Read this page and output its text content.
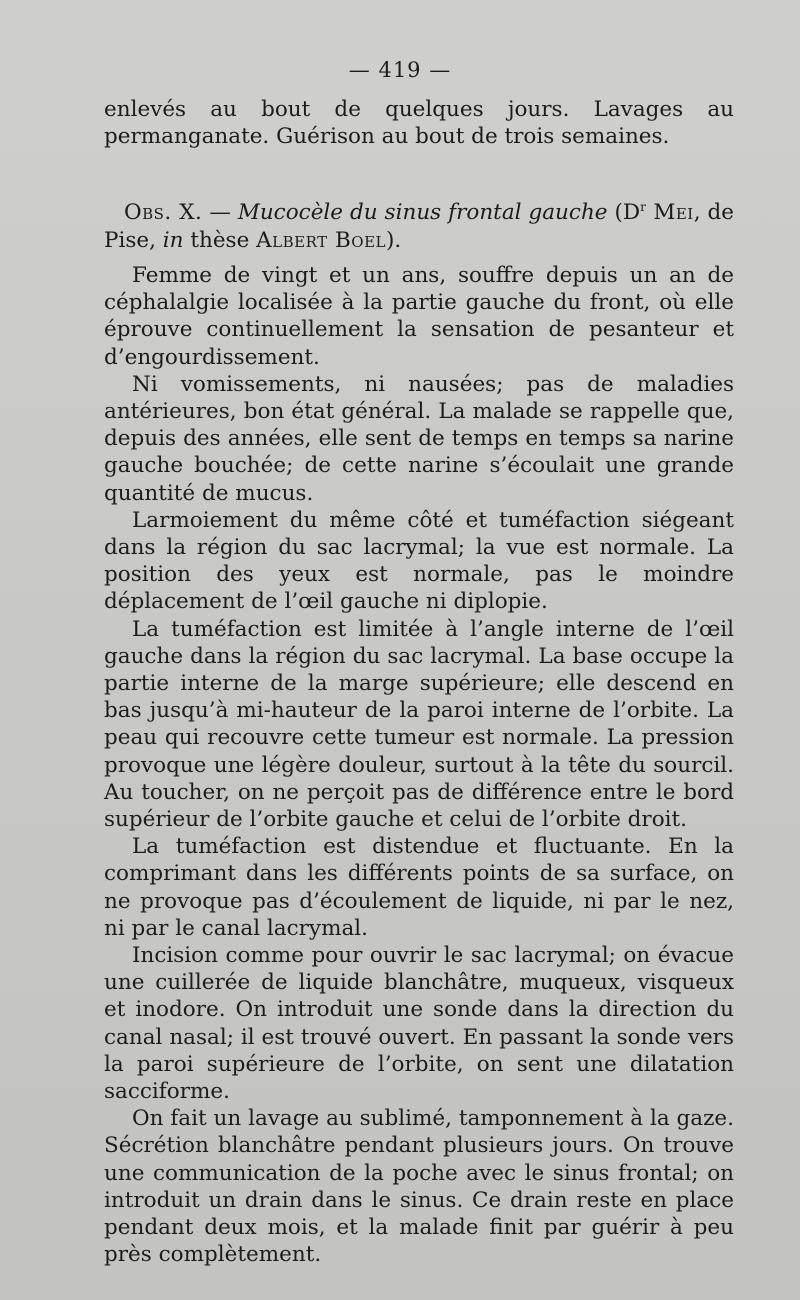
— 419 —

enlevés au bout de quelques jours. Lavages au permanganate. Guérison au bout de trois semaines.

Obs. X. — Mucocèle du sinus frontal gauche ($D^r$ Mei, de Pise, in thèse Albert Boel).

Femme de vingt et un ans, souffre depuis un an de céphalalgie localisée à la partie gauche du front, où elle éprouve continuellement la sensation de pesanteur et d’engourdissement.

Ni vomissements, ni nausées; pas de maladies antérieures, bon état général. La malade se rappelle que, depuis des années, elle sent de temps en temps sa narine gauche bouchée; de cette narine s’écoulait une grande quantité de mucus.

Larmoiement du même côté et tuméfaction siégeant dans la région du sac lacrymal; la vue est normale. La position des yeux est normale, pas le moindre déplacement de l’œil gauche ni diplopie.

La tuméfaction est limitée à l’angle interne de l’œil gauche dans la région du sac lacrymal. La base occupe la partie interne de la marge supérieure; elle descend en bas jusqu’à mi-hauteur de la paroi interne de l’orbite. La peau qui recouvre cette tumeur est normale. La pression provoque une légère douleur, surtout à la tête du sourcil. Au toucher, on ne perçoit pas de différence entre le bord supérieur de l’orbite gauche et celui de l’orbite droit.

La tuméfaction est distendue et fluctuante. En la comprimant dans les différents points de sa surface, on ne provoque pas d’écoulement de liquide, ni par le nez, ni par le canal lacrymal.

Incision comme pour ouvrir le sac lacrymal; on évacue une cuillerée de liquide blanchâtre, muqueux, visqueux et inodore. On introduit une sonde dans la direction du canal nasal; il est trouvé ouvert. En passant la sonde vers la paroi supérieure de l’orbite, on sent une dilatation sacciforme.

On fait un lavage au sublimé, tamponnement à la gaze. Sécrétion blanchâtre pendant plusieurs jours. On trouve une communication de la poche avec le sinus frontal; on introduit un drain dans le sinus. Ce drain reste en place pendant deux mois, et la malade finit par guérir à peu près complètement.
